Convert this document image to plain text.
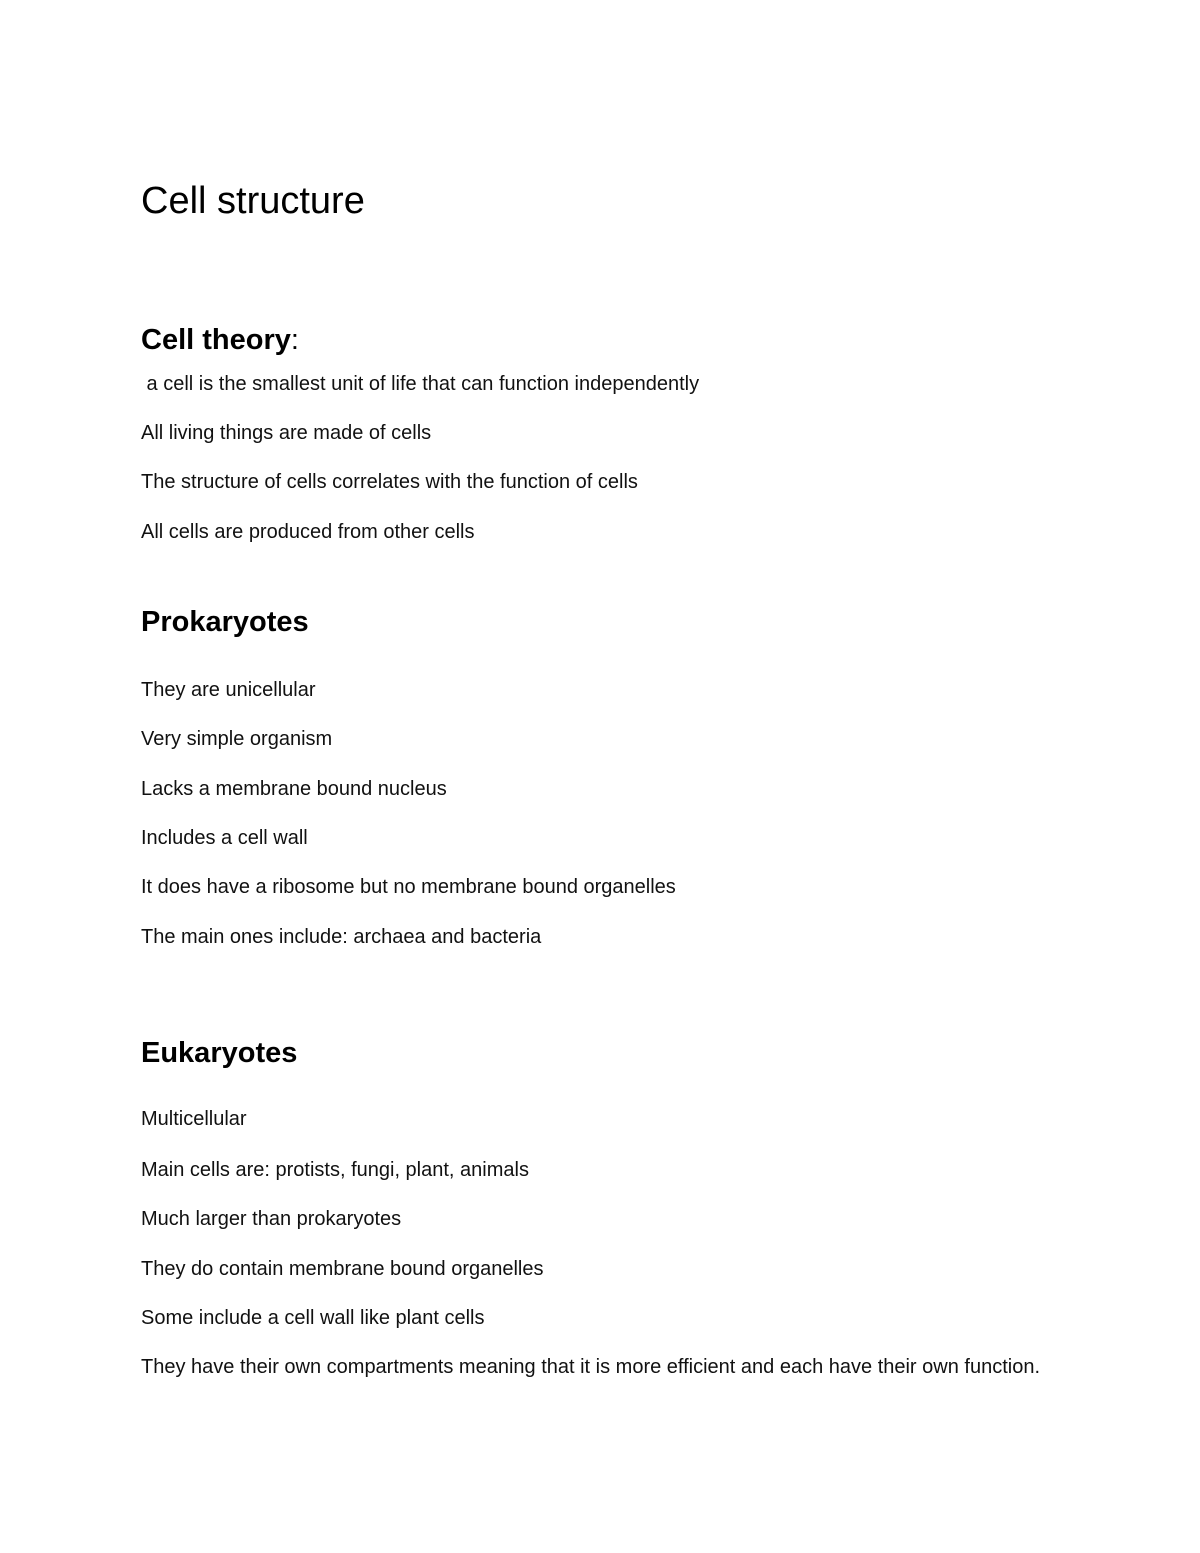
Cell structure
Cell theory:

a cell is the smallest unit of life that can function independently

All living things are made of cells

The structure of cells correlates with the function of cells

All cells are produced from other cells

Prokaryotes

They are unicellular

Very simple organism

Lacks a membrane bound nucleus

Includes a cell wall

It does have a ribosome but no membrane bound organelles

The main ones include: archaea and bacteria

Eukaryotes

Multicellular

Main cells are: protists, fungi, plant, animals

Much larger than prokaryotes

They do contain membrane bound organelles

Some include a cell wall like plant cells

They have their own compartments meaning that it is more efficient and each have their own function.
